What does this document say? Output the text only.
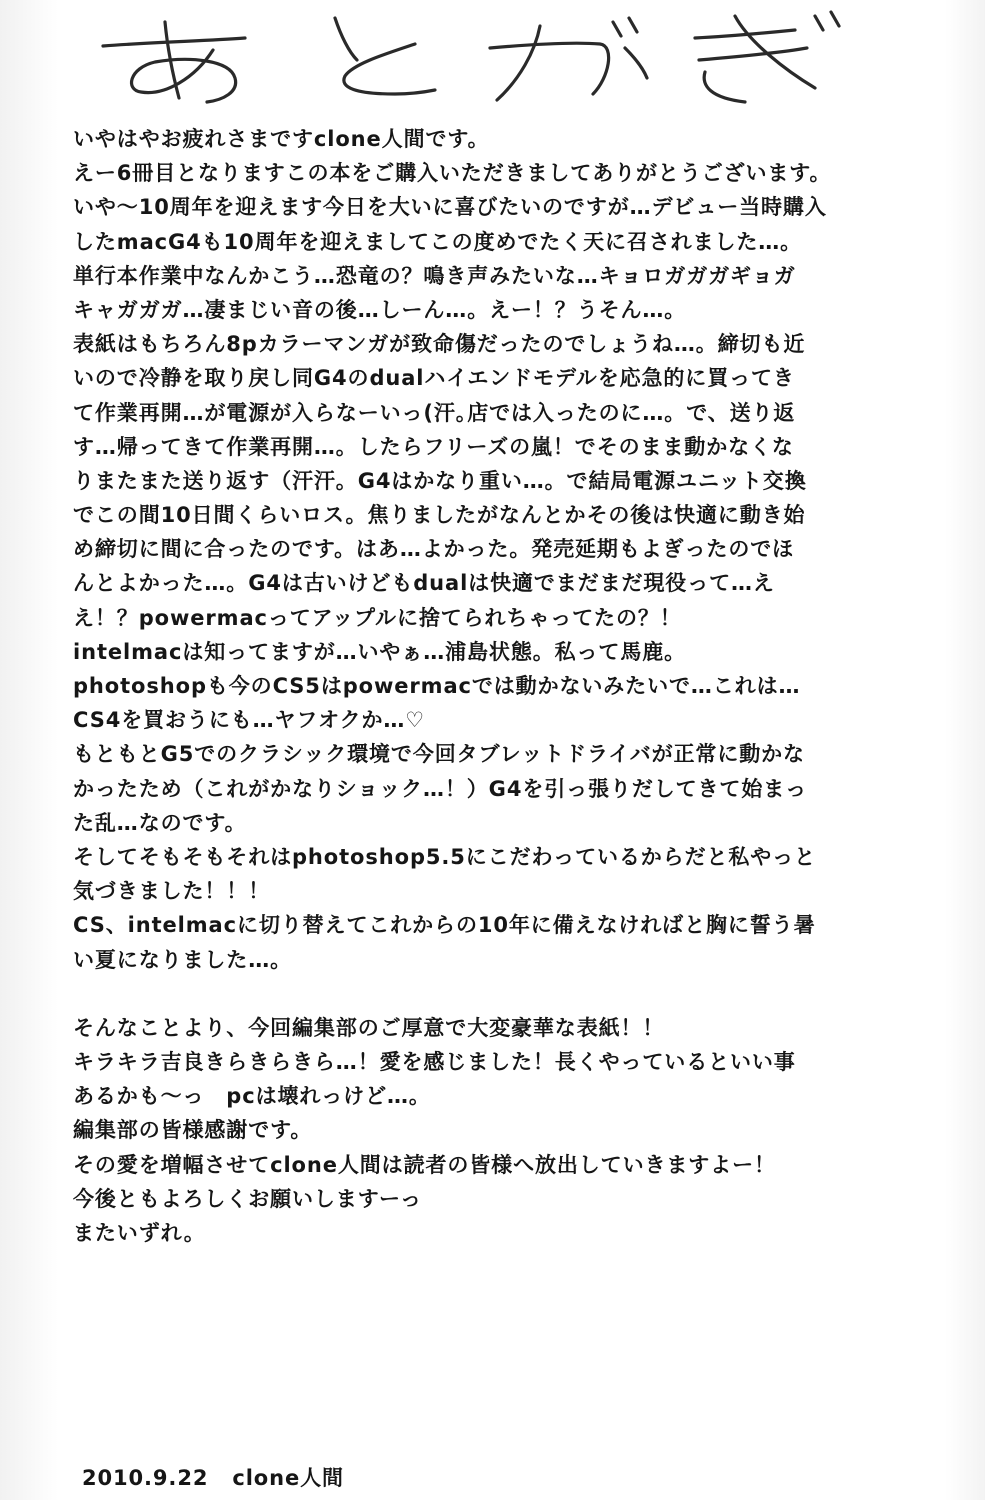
いやはやお疲れさまですclone人間です。
えー6冊目となりますこの本をご購入いただきましてありがとうございます。
いや～10周年を迎えます今日を大いに喜びたいのですが…デビュー当時購入
したmacG4も10周年を迎えましてこの度めでたく天に召されました…。
単行本作業中なんかこう…恐竜の？鳴き声みたいな…キョロガガガギョガ
キャガガガ…凄まじい音の後…しーん…。えー！？うそん…。
表紙はもちろん8pカラーマンガが致命傷だったのでしょうね…。締切も近
いので冷静を取り戻し同G4のdualハイエンドモデルを応急的に買ってき
て作業再開…が電源が入らなーいっ(汗｡店では入ったのに…。で、送り返
す…帰ってきて作業再開…。したらフリーズの嵐！でそのまま動かなくな
りまたまた送り返す（汗汗。G4はかなり重い…。で結局電源ユニット交換
でこの間10日間くらいロス。焦りましたがなんとかその後は快適に動き始
め締切に間に合ったのです。はあ…よかった。発売延期もよぎったのでほ
んとよかった…。G4は古いけどもdualは快適でまだまだ現役って…え
え！？powermacってアップルに捨てられちゃってたの？！
intelmacは知ってますが…いやぁ…浦島状態。私って馬鹿。
photoshopも今のCS5はpowermacでは動かないみたいで…これは…
CS4を買おうにも…ヤフオクか…♡
もともとG5でのクラシック環境で今回タブレットドライバが正常に動かな
かったため（これがかなりショック…！）G4を引っ張りだしてきて始まっ
た乱…なのです。
そしてそもそもそれはphotoshop5.5にこだわっているからだと私やっと
気づきました！！！
CS、intelmacに切り替えてこれからの10年に備えなければと胸に誓う暑
い夏になりました…。
そんなことより、今回編集部のご厚意で大変豪華な表紙！！
キラキラ吉良きらきらきら…！愛を感じました！長くやっているといい事
あるかも～っ　pcは壊れっけど…。
編集部の皆様感謝です。
その愛を増幅させてclone人間は読者の皆様へ放出していきますよー！
今後ともよろしくお願いしますーっ
またいずれ。
2010.9.22 clone人間
